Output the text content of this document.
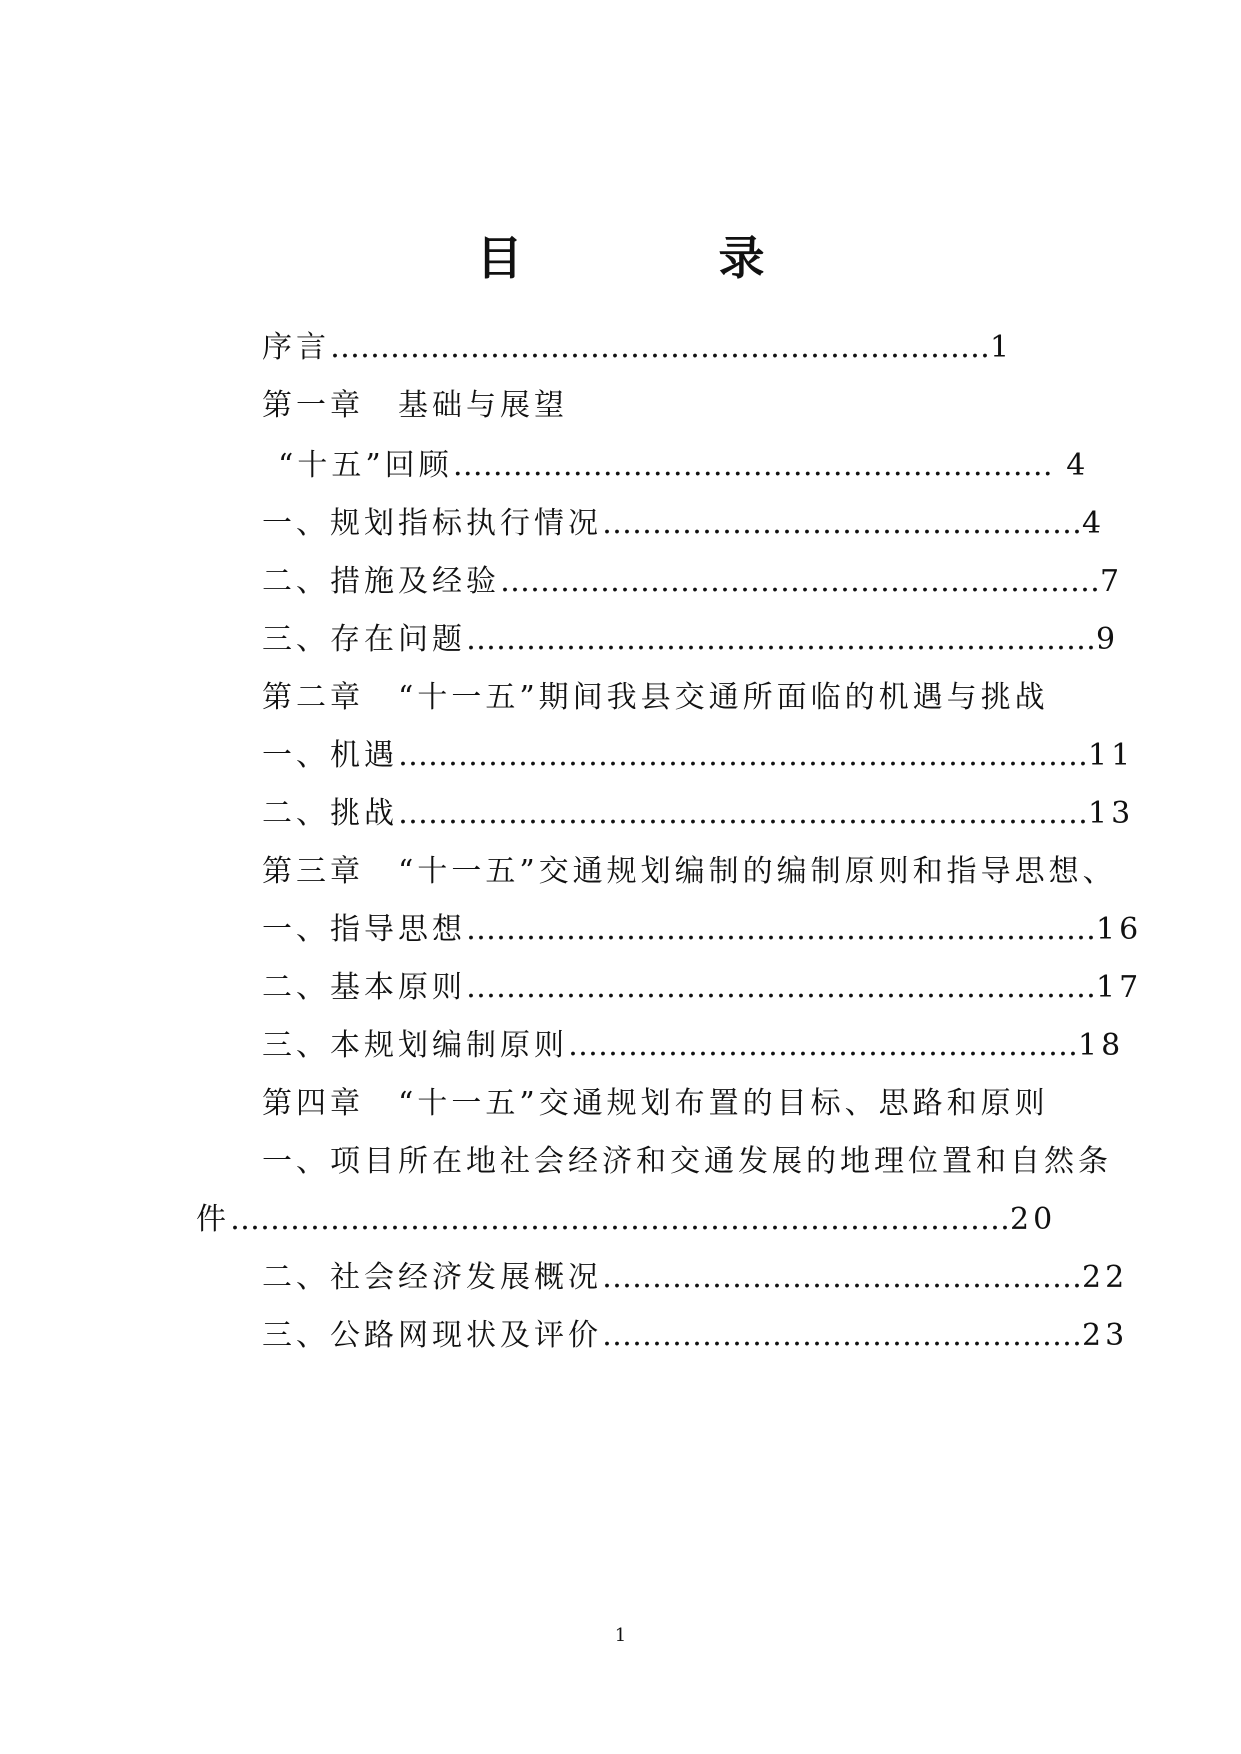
目 录
序言…………………………………………………………1
第一章　基础与展望
“十五”回顾…………………………………………………… 4
一、规划指标执行情况…………………………………………4
二、措施及经验……………………………………………………7
三、存在问题………………………………………………………9
第二章　“十一五”期间我县交通所面临的机遇与挑战
一、机遇……………………………………………………………11
二、挑战……………………………………………………………13
第三章　“十一五”交通规划编制的编制原则和指导思想、
一、指导思想………………………………………………………16
二、基本原则………………………………………………………17
三、本规划编制原则……………………………………………18
第四章　“十一五”交通规划布置的目标、思路和原则
一、项目所在地社会经济和交通发展的地理位置和自然条
件……………………………………………………………………20
二、社会经济发展概况…………………………………………22
三、公路网现状及评价…………………………………………23
1
